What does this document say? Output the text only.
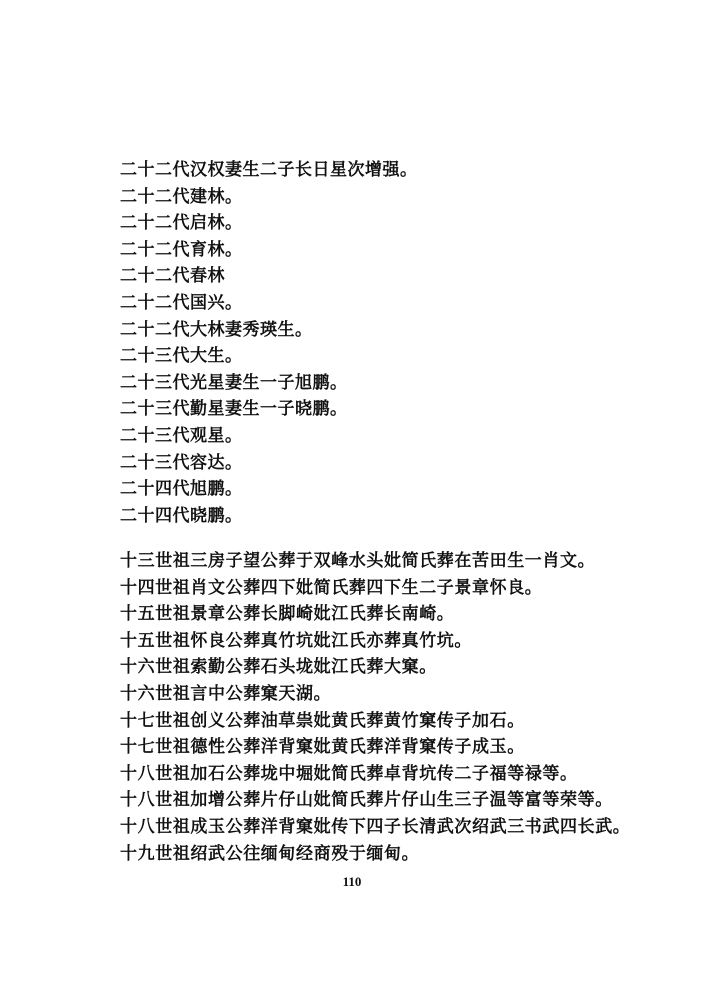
二十二代汉权妻生二子长日星次增强。
二十二代建林。
二十二代启林。
二十二代育林。
二十二代春林
二十二代国兴。
二十二代大林妻秀瑛生。
二十三代大生。
二十三代光星妻生一子旭鹏。
二十三代勤星妻生一子晓鹏。
二十三代观星。
二十三代容达。
二十四代旭鹏。
二十四代晓鹏。
十三世祖三房子望公葬于双峰水头妣简氏葬在苦田生一肖文。
十四世祖肖文公葬四下妣简氏葬四下生二子景章怀良。
十五世祖景章公葬长脚崎妣江氏葬长南崎。
十五世祖怀良公葬真竹坑妣江氏亦葬真竹坑。
十六世祖索勤公葬石头垅妣江氏葬大窠。
十六世祖言中公葬窠天湖。
十七世祖创义公葬油草祟妣黄氏葬黄竹窠传子加石。
十七世祖德性公葬洋背窠妣黄氏葬洋背窠传子成玉。
十八世祖加石公葬垅中堀妣简氏葬卓背坑传二子福等禄等。
十八世祖加增公葬片仔山妣简氏葬片仔山生三子温等富等荣等。
十八世祖成玉公葬洋背窠妣传下四子长清武次绍武三书武四长武。
十九世祖绍武公往缅甸经商殁于缅甸。
110
